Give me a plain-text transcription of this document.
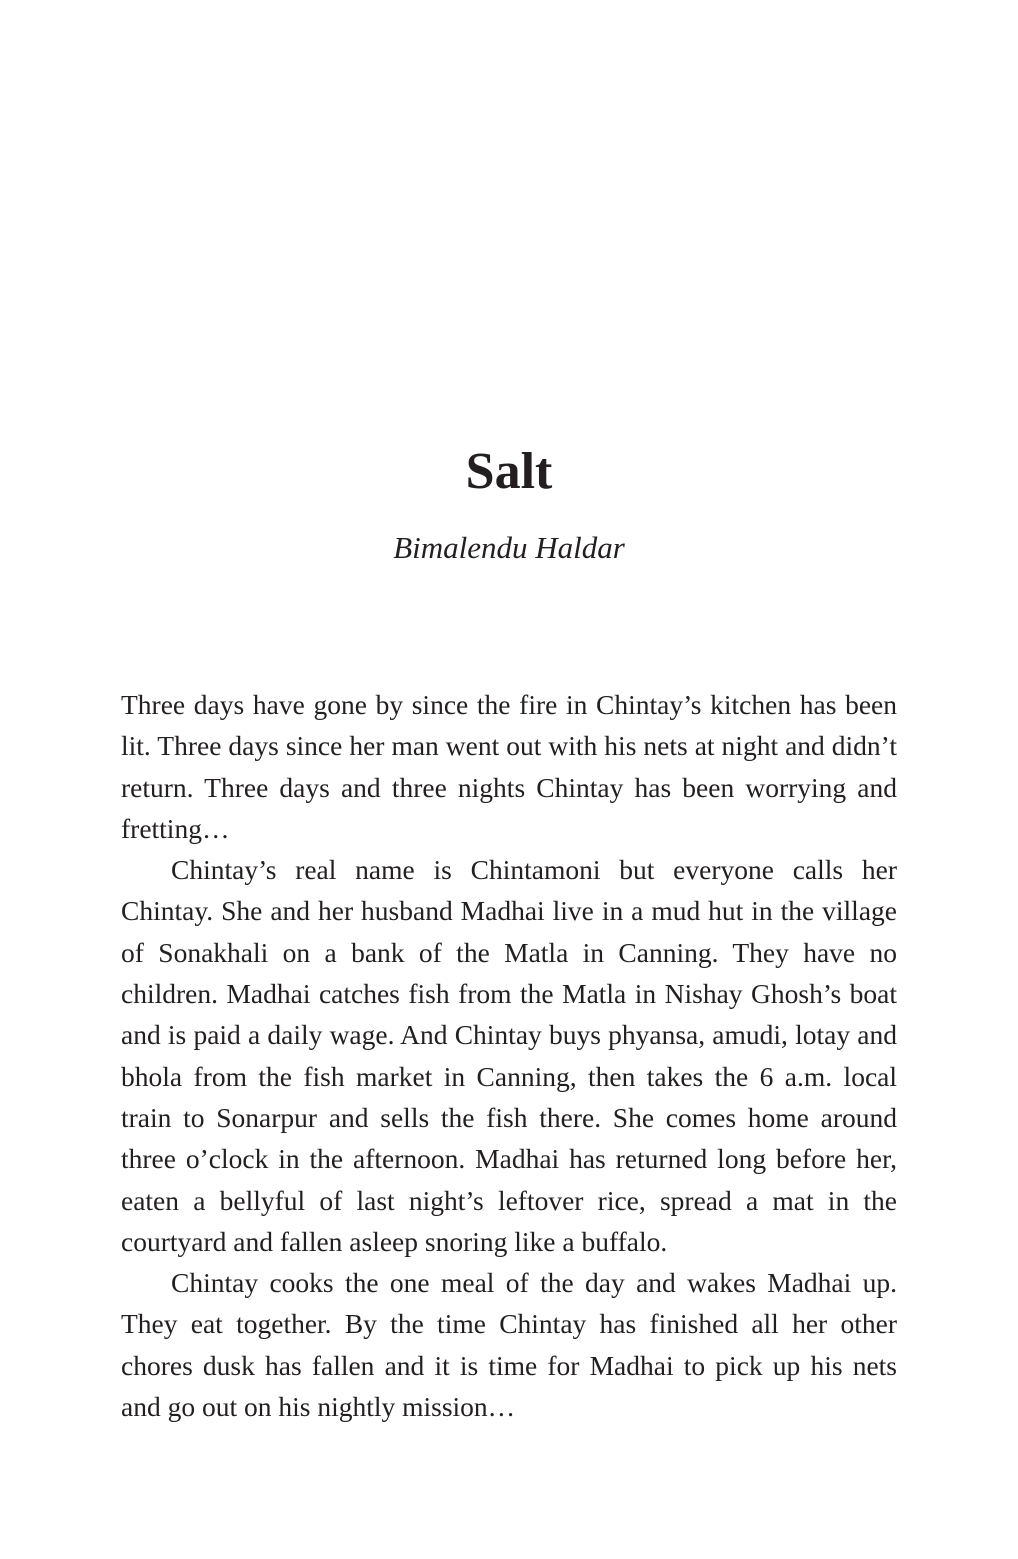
Salt

Bimalendu Haldar

Three days have gone by since the fire in Chintay’s kitchen has been lit. Three days since her man went out with his nets at night and didn’t return. Three days and three nights Chintay has been worrying and fretting…

Chintay’s real name is Chintamoni but everyone calls her Chintay. She and her husband Madhai live in a mud hut in the village of Sonakhali on a bank of the Matla in Canning. They have no children. Madhai catches fish from the Matla in Nishay Ghosh’s boat and is paid a daily wage. And Chintay buys phyansa, amudi, lotay and bhola from the fish market in Canning, then takes the 6 a.m. local train to Sonarpur and sells the fish there. She comes home around three o’clock in the afternoon. Madhai has returned long before her, eaten a bellyful of last night’s leftover rice, spread a mat in the courtyard and fallen asleep snoring like a buffalo.

Chintay cooks the one meal of the day and wakes Madhai up. They eat together. By the time Chintay has finished all her other chores dusk has fallen and it is time for Madhai to pick up his nets and go out on his nightly mission…
